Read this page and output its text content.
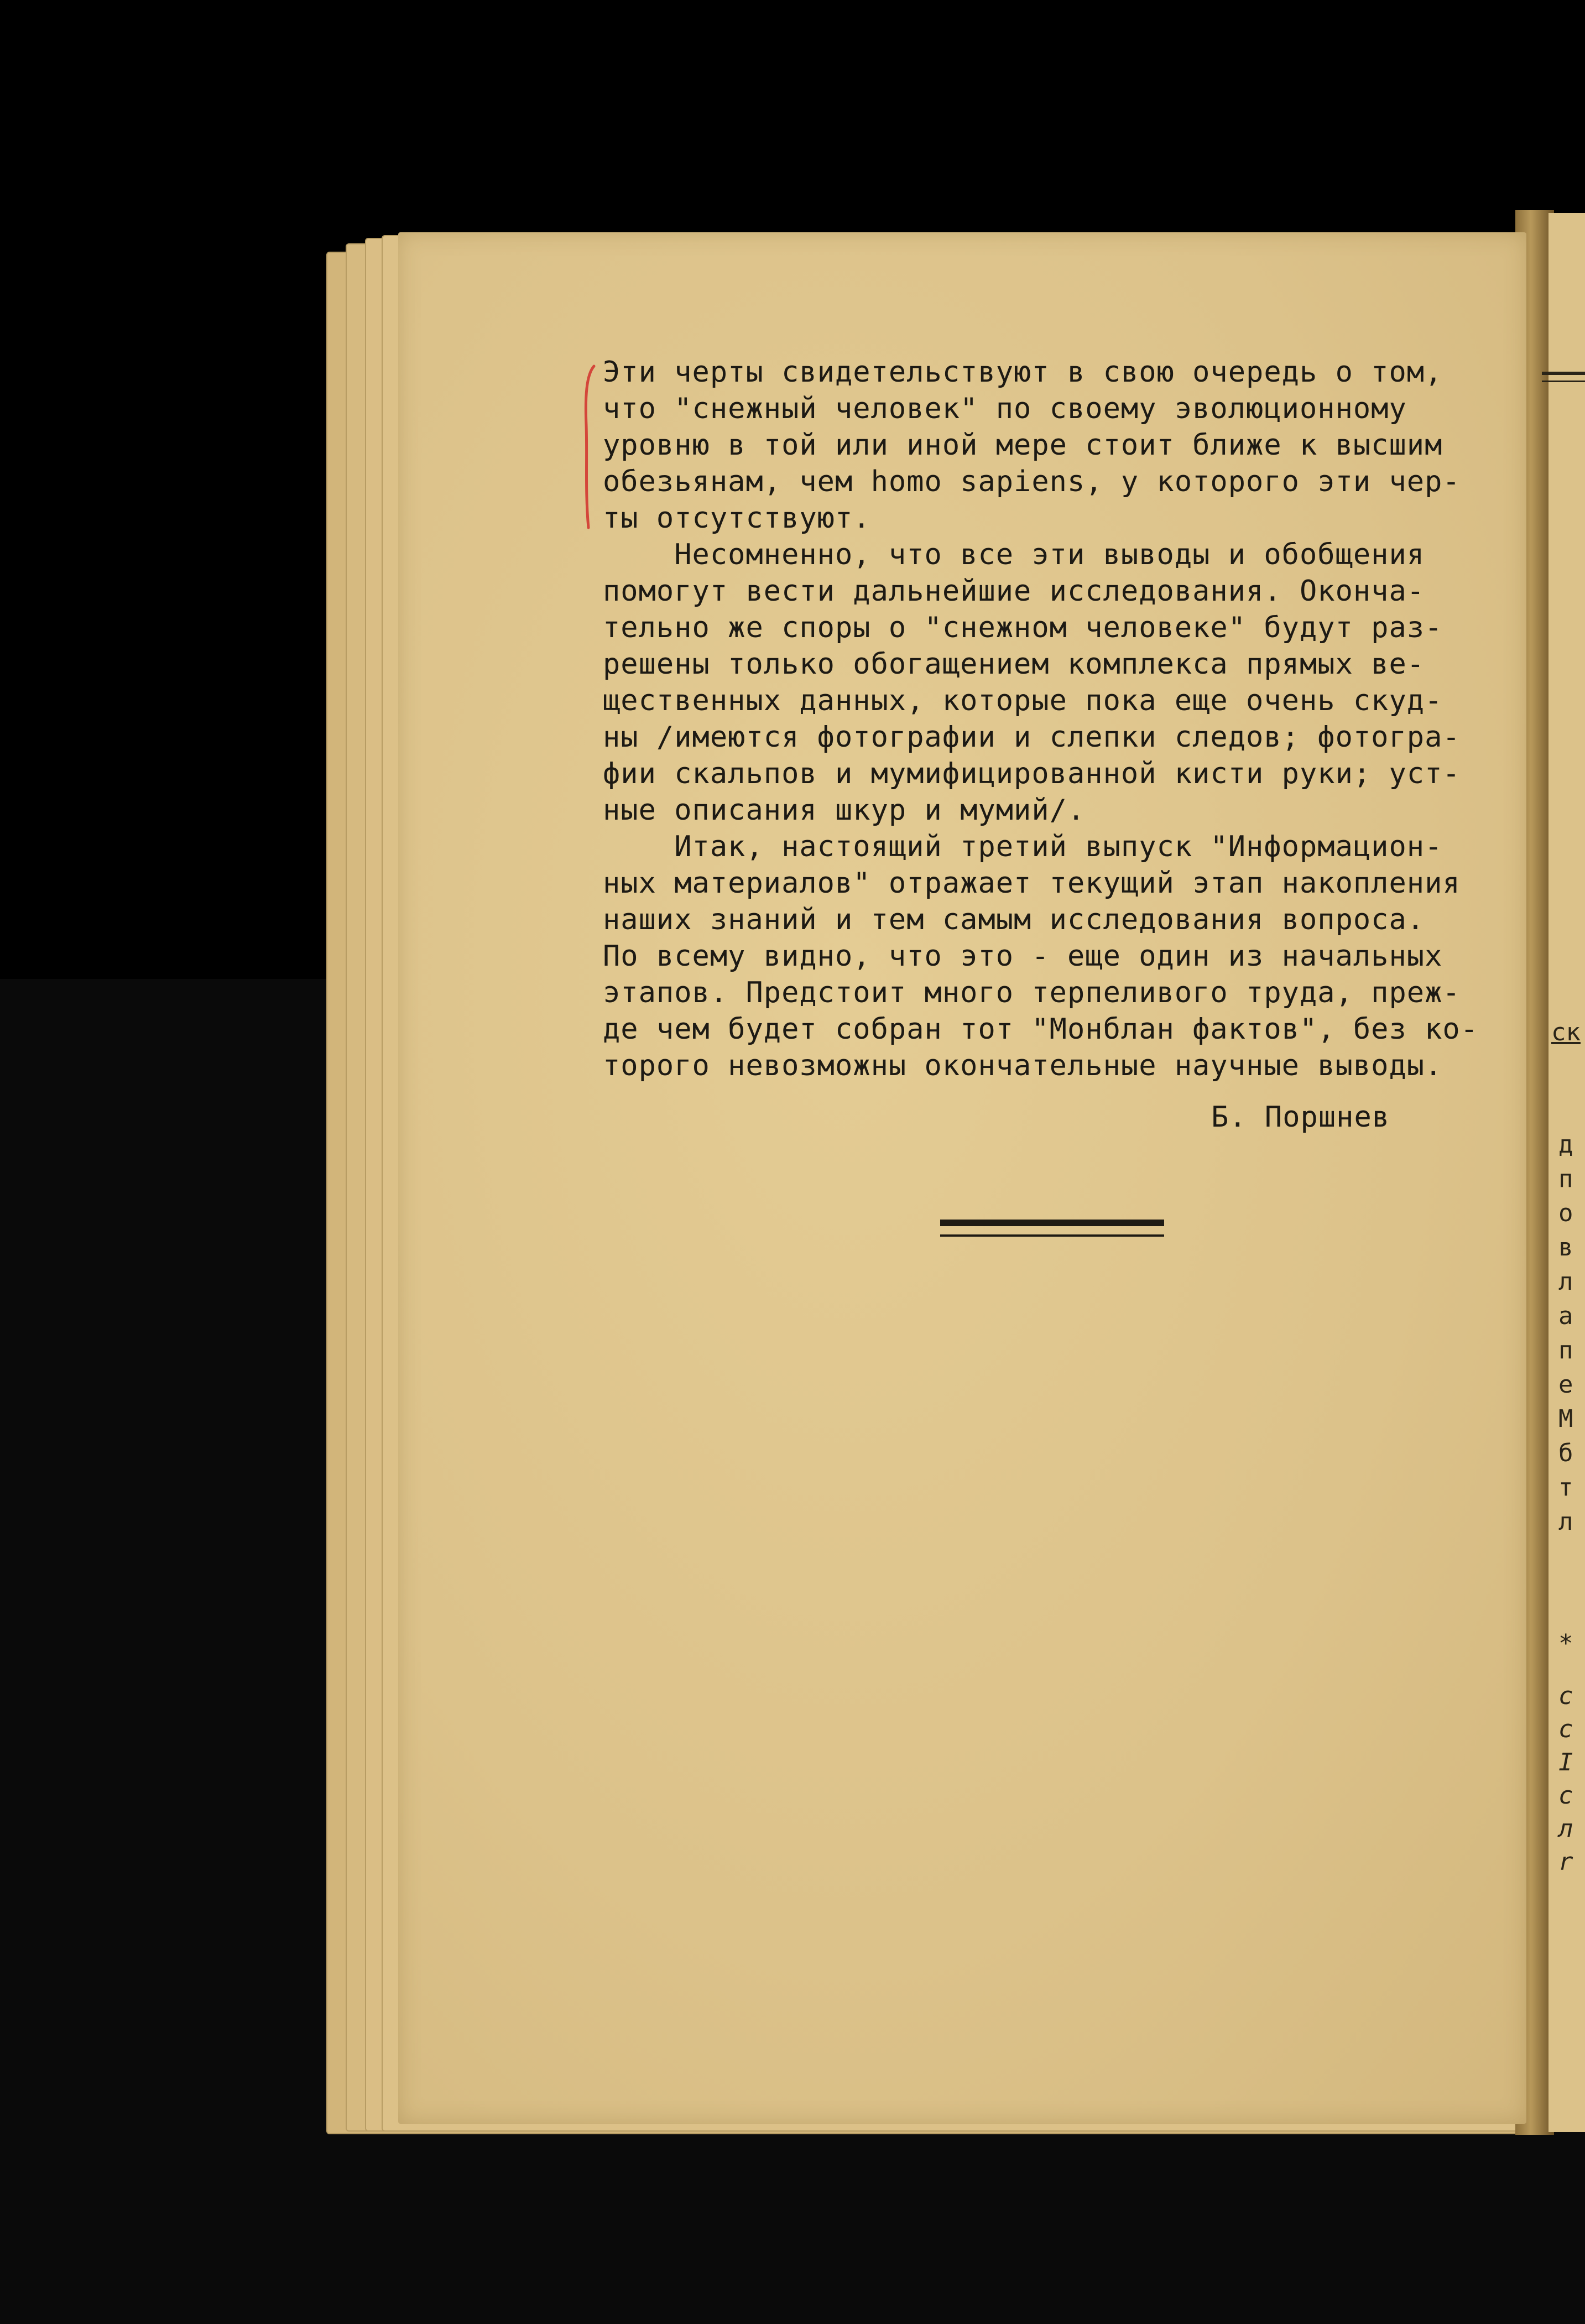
Эти черты свидетельствуют в свою очередь о том,

что "снежный человек" по своему эволюционному

уровню в той или иной мере стоит ближе к высшим

обезьянам, чем homo sapiens, у которого эти чер-

ты отсутствуют.

Несомненно, что все эти выводы и обобщения

помогут вести дальнейшие исследования. Оконча-

тельно же споры о "снежном человеке" будут раз-

решены только обогащением комплекса прямых ве-

щественных данных, которые пока еще очень скуд-

ны /имеются фотографии и слепки следов; фотогра-

фии скальпов и мумифицированной кисти руки; уст-

ные описания шкур и мумий/.

Итак, настоящий третий выпуск "Информацион-

ных материалов" отражает текущий этап накопления

наших знаний и тем самым исследования вопроса.

По всему видно, что это - еще один из начальных

этапов. Предстоит много терпеливого труда, преж-

де чем будет собран тот "Монблан фактов", без ко-

торого невозможны окончательные научные выводы.

Б. Поршнев
ск
д
п
о
в
л
а
п
е
М
б
т
л
*
с
с
I
с
л
r
